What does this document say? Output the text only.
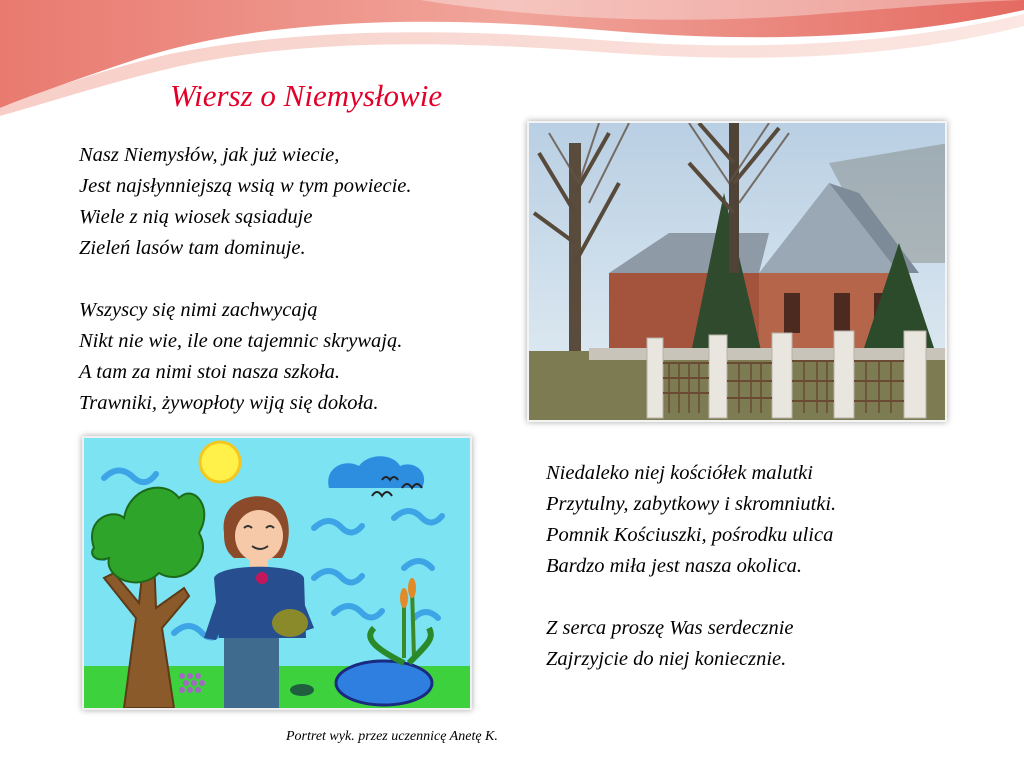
Wiersz o Niemysłowie
Nasz Niemysłów, jak już wiecie,
Jest najsłynniejszą wsią w tym powiecie.
Wiele z nią wiosek sąsiaduje
Zieleń lasów tam dominuje.
Wszyscy się nimi zachwycają
Nikt nie wie, ile one tajemnic skrywają.
A tam za nimi stoi nasza szkoła.
Trawniki, żywopłoty wiją się dokoła.
Niedaleko niej kościółek malutki
Przytulny, zabytkowy i skromniutki.
Pomnik Kościuszki, pośrodku ulica
Bardzo miła jest nasza okolica.
Z serca proszę Was serdecznie
Zajrzyjcie do niej koniecznie.
Portret wyk. przez uczennicę Anetę K.
